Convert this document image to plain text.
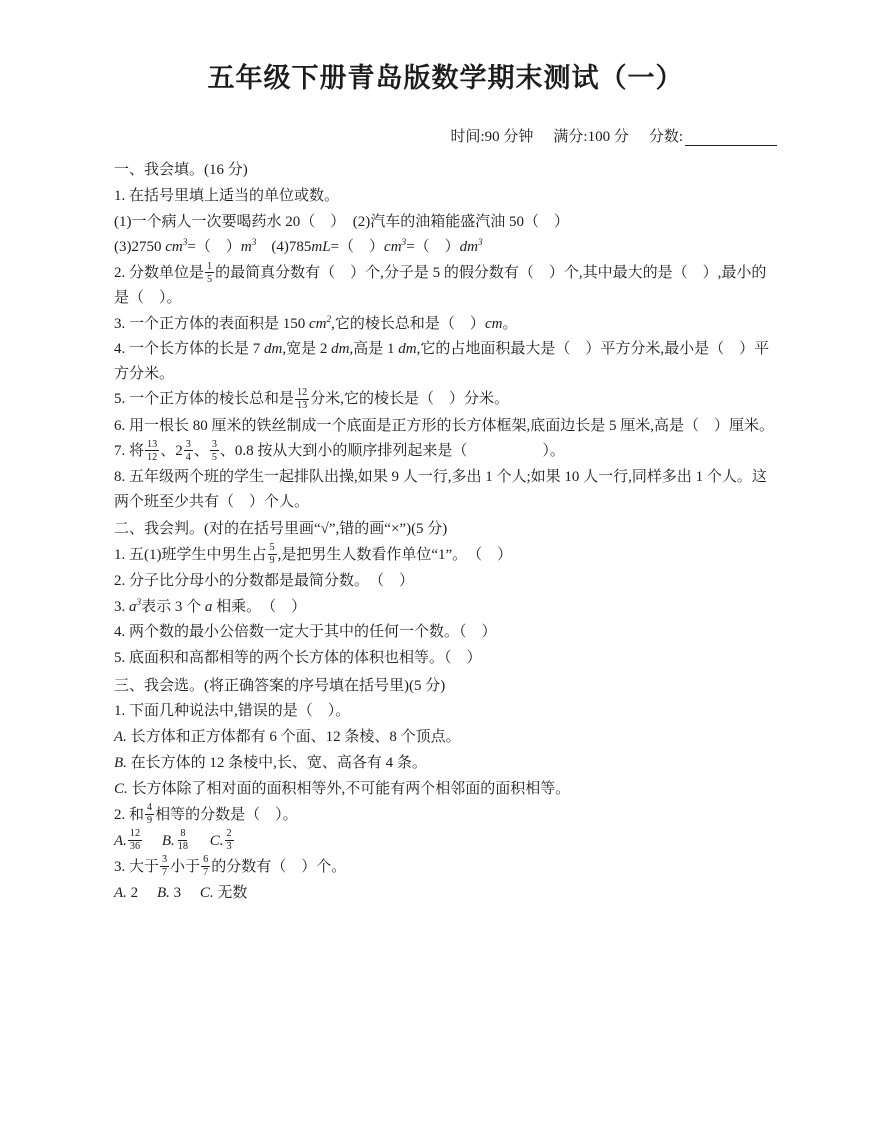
五年级下册青岛版数学期末测试（一）
时间:90 分钟 满分:100 分 分数:
一、我会填。(16 分)
1. 在括号里填上适当的单位或数。
(1)一个病人一次要喝药水 20（　）　(2)汽车的油箱能盛汽油 50（　）
(3)2750 $cm^3=$（　）$m^3$　(4)785mL=（　）$cm^3=$（　）$dm^3$
2. 分数单位是 $\frac{1}{5}$ 的最简真分数有（　）个,分子是 5 的假分数有（　）个,其中最大的是（　）,最小的是（　）。
3. 一个正方体的表面积是 150 $cm^2$,它的棱长总和是（　）cm。
4. 一个长方体的长是 7 dm,宽是 2 dm,高是 1 dm,它的占地面积最大是（　）平方分米,最小是（　）平方分米。
5. 一个正方体的棱长总和是 $\frac{12}{13}$ 分米,它的棱长是（　）分米。
6. 用一根长 80 厘米的铁丝制成一个底面是正方形的长方体框架,底面边长是 5 厘米,高是（　）厘米。
7. 将 $\frac{13}{12}$ 、$2 \frac{3}{4}$ 、 $\frac{3}{5}$ 、0.8 按从大到小的顺序排列起来是（　　　　　）。
8. 五年级两个班的学生一起排队出操,如果 9 人一行,多出 1 个人;如果 10 人一行,同样多出 1 个人。这两个班至少共有（　）个人。
二、我会判。(对的在括号里画“√”,错的画“×”)(5 分)
1. 五(1)班学生中男生占 $\frac{5}{9}$ ,是把男生人数看作单位“1”。　（　）
2. 分子比分母小的分数都是最简分数。　（　）
3. $a^3$表示 3 个 a 相乘。　（　）
4. 两个数的最小公倍数一定大于其中的任何一个数。（　）
5. 底面积和高都相等的两个长方体的体积也相等。（　）
三、我会选。(将正确答案的序号填在括号里)(5 分)
1. 下面几种说法中,错误的是（　）。
A. 长方体和正方体都有 6 个面、12 条棱、8 个顶点。
B. 在长方体的 12 条棱中,长、宽、高各有 4 条。
C. 长方体除了相对面的面积相等外,不可能有两个相邻面的面积相等。
2. 和 $\frac{4}{9}$ 相等的分数是（　）。
A. $\frac{12}{36}$
　 B. $\frac{8}{18}$
　 C. $\frac{2}{3}$
3. 大于 $\frac{3}{7}$ 小于 $\frac{6}{7}$ 的分数有（　）个。
A. 2　 B. 3　 C. 无数
